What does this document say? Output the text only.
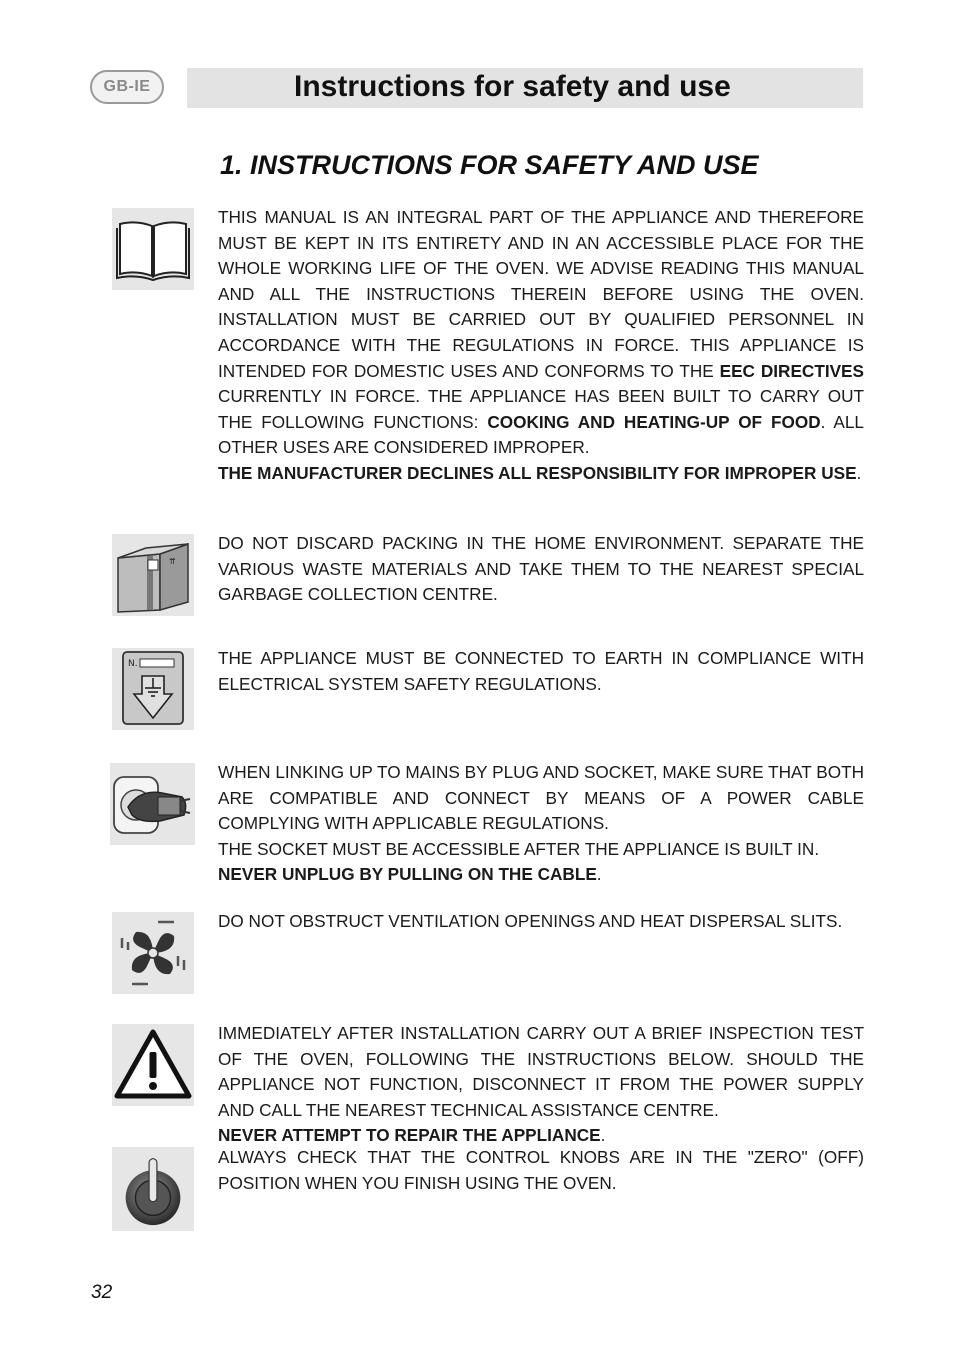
GB-IE	Instructions for safety and use
1. INSTRUCTIONS FOR SAFETY AND USE

THIS MANUAL IS AN INTEGRAL PART OF THE APPLIANCE AND THEREFORE MUST BE KEPT IN ITS ENTIRETY AND IN AN ACCESSIBLE PLACE FOR THE WHOLE WORKING LIFE OF THE OVEN. WE ADVISE READING THIS MANUAL AND ALL THE INSTRUCTIONS THEREIN BEFORE USING THE OVEN. INSTALLATION MUST BE CARRIED OUT BY QUALIFIED PERSONNEL IN ACCORDANCE WITH THE REGULATIONS IN FORCE. THIS APPLIANCE IS INTENDED FOR DOMESTIC USES AND CONFORMS TO THE EEC DIRECTIVES CURRENTLY IN FORCE. THE APPLIANCE HAS BEEN BUILT TO CARRY OUT THE FOLLOWING FUNCTIONS: COOKING AND HEATING-UP OF FOOD. ALL OTHER USES ARE CONSIDERED IMPROPER.
THE MANUFACTURER DECLINES ALL RESPONSIBILITY FOR IMPROPER USE.

⇈

DO NOT DISCARD PACKING IN THE HOME ENVIRONMENT. SEPARATE THE VARIOUS WASTE MATERIALS AND TAKE THEM TO THE NEAREST SPECIAL GARBAGE COLLECTION CENTRE.

N.	THE APPLIANCE MUST BE CONNECTED TO EARTH IN COMPLIANCE WITH ELECTRICAL SYSTEM SAFETY REGULATIONS.

WHEN LINKING UP TO MAINS BY PLUG AND SOCKET, MAKE SURE THAT BOTH ARE COMPATIBLE AND CONNECT BY MEANS OF A POWER CABLE COMPLYING WITH APPLICABLE REGULATIONS.
THE SOCKET MUST BE ACCESSIBLE AFTER THE APPLIANCE IS BUILT IN.
NEVER UNPLUG BY PULLING ON THE CABLE.

DO NOT OBSTRUCT VENTILATION OPENINGS AND HEAT DISPERSAL SLITS.

IMMEDIATELY AFTER INSTALLATION CARRY OUT A BRIEF INSPECTION TEST OF THE OVEN, FOLLOWING THE INSTRUCTIONS BELOW. SHOULD THE APPLIANCE NOT FUNCTION, DISCONNECT IT FROM THE POWER SUPPLY AND CALL THE NEAREST TECHNICAL ASSISTANCE CENTRE.
NEVER ATTEMPT TO REPAIR THE APPLIANCE.

ALWAYS CHECK THAT THE CONTROL KNOBS ARE IN THE "ZERO" (OFF) POSITION WHEN YOU FINISH USING THE OVEN.

32
